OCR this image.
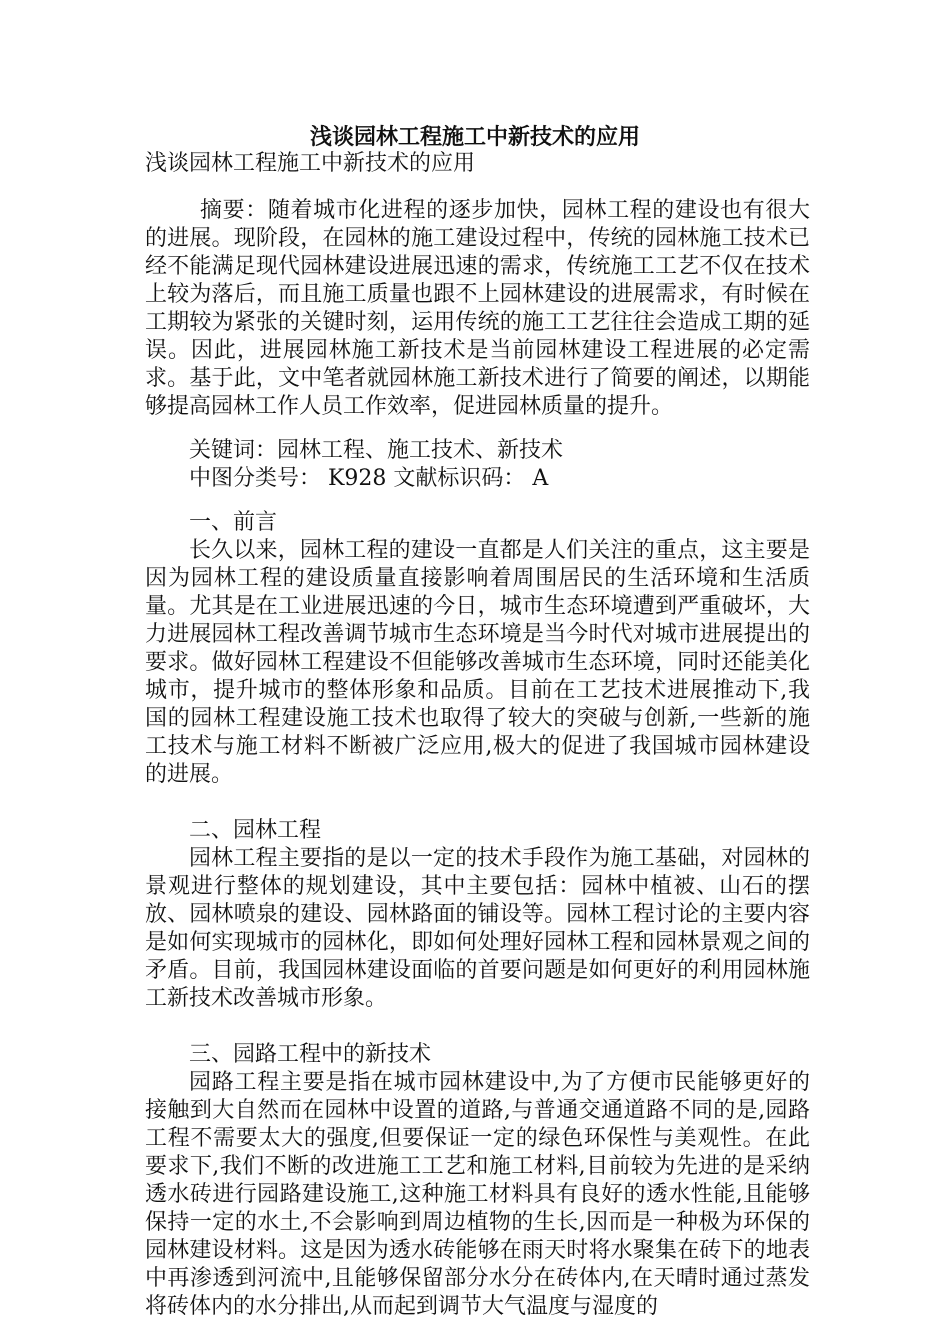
浅谈园林工程施工中新技术的应用

浅谈园林工程施工中新技术的应用

摘要：随着城市化进程的逐步加快，园林工程的建设也有很大的进展。现阶段，在园林的施工建设过程中，传统的园林施工技术已经不能满足现代园林建设进展迅速的需求，传统施工工艺不仅在技术上较为落后，而且施工质量也跟不上园林建设的进展需求，有时候在工期较为紧张的关键时刻，运用传统的施工工艺往往会造成工期的延误。因此，进展园林施工新技术是当前园林建设工程进展的必定需求。基于此，文中笔者就园林施工新技术进行了简要的阐述，以期能够提高园林工作人员工作效率，促进园林质量的提升。

关键词：园林工程、施工技术、新技术

中图分类号： K928 文献标识码： A

一、前言

长久以来，园林工程的建设一直都是人们关注的重点，这主要是因为园林工程的建设质量直接影响着周围居民的生活环境和生活质量。尤其是在工业进展迅速的今日，城市生态环境遭到严重破坏，大力进展园林工程改善调节城市生态环境是当今时代对城市进展提出的要求。做好园林工程建设不但能够改善城市生态环境，同时还能美化城市，提升城市的整体形象和品质。目前在工艺技术进展推动下,我国的园林工程建设施工技术也取得了较大的突破与创新,一些新的施工技术与施工材料不断被广泛应用,极大的促进了我国城市园林建设的进展。

二、园林工程

园林工程主要指的是以一定的技术手段作为施工基础，对园林的景观进行整体的规划建设，其中主要包括：园林中植被、山石的摆放、园林喷泉的建设、园林路面的铺设等。园林工程讨论的主要内容是如何实现城市的园林化，即如何处理好园林工程和园林景观之间的矛盾。目前，我国园林建设面临的首要问题是如何更好的利用园林施工新技术改善城市形象。

三、园路工程中的新技术

园路工程主要是指在城市园林建设中,为了方便市民能够更好的接触到大自然而在园林中设置的道路,与普通交通道路不同的是,园路工程不需要太大的强度,但要保证一定的绿色环保性与美观性。在此要求下,我们不断的改进施工工艺和施工材料,目前较为先进的是采纳透水砖进行园路建设施工,这种施工材料具有良好的透水性能,且能够保持一定的水土,不会影响到周边植物的生长,因而是一种极为环保的园林建设材料。这是因为透水砖能够在雨天时将水聚集在砖下的地表中再渗透到河流中,且能够保留部分水分在砖体内,在天晴时通过蒸发将砖体内的水分排出,从而起到调节大气温度与湿度的
